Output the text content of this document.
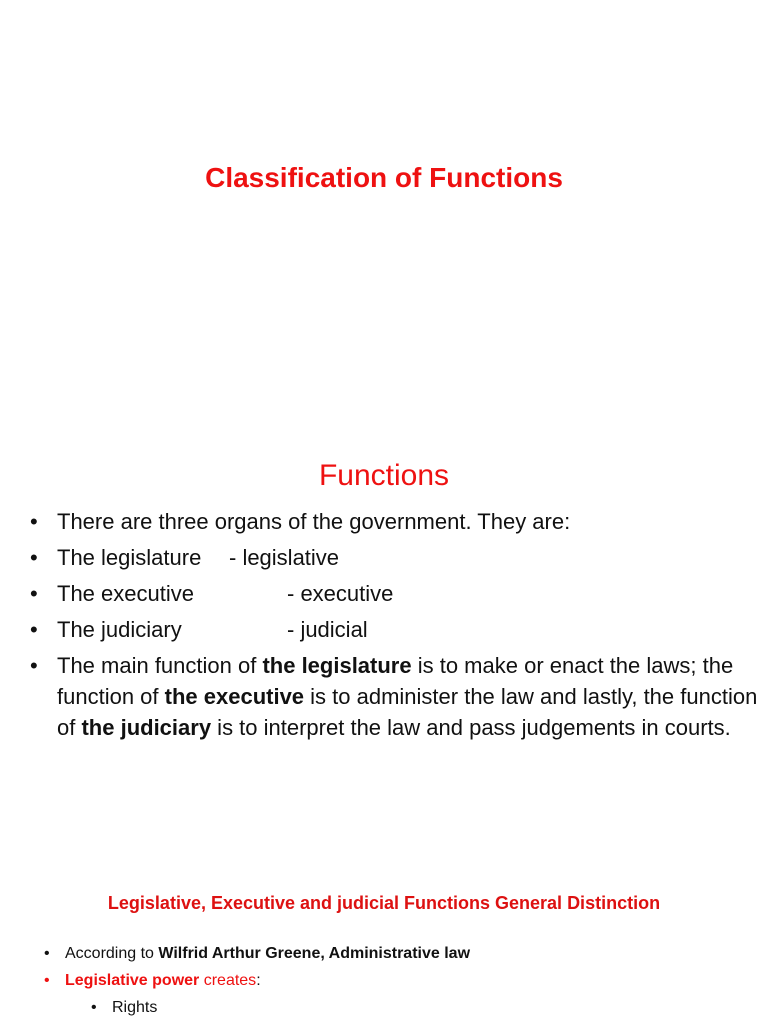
Classification of Functions
Functions
• There are three organs of the government. They are:
• The legislature - legislative
• The executive	- executive
• The judiciary	- judicial
• The main function of the legislature is to make or enact the laws; the function of the executive is to administer the law and lastly, the function of the judiciary is to interpret the law and pass judgements in courts.
Legislative, Executive and judicial Functions General Distinction
• According to Wilfrid Arthur Greene, Administrative law
• Legislative power creates:
• Rights
